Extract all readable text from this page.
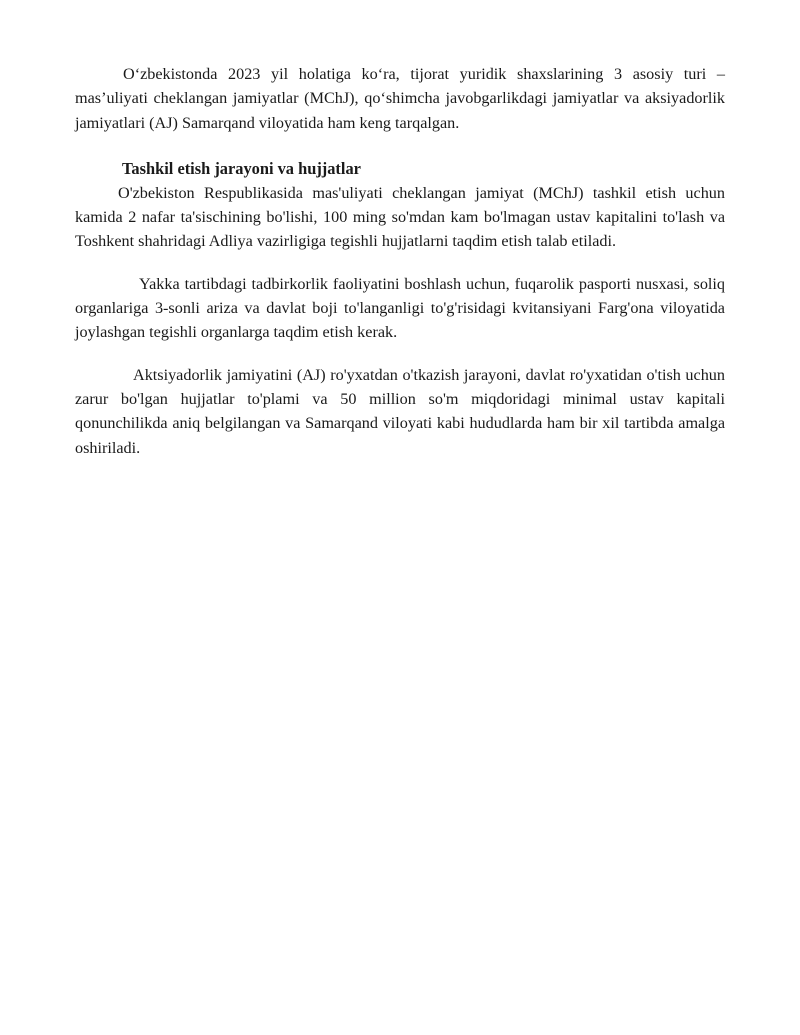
O‘zbekistonda 2023 yil holatiga ko‘ra, tijorat yuridik shaxslarining 3 asosiy turi – mas’uliyati cheklangan jamiyatlar (MChJ), qo‘shimcha javobgarlikdagi jamiyatlar va aksiyadorlik jamiyatlari (AJ) Samarqand viloyatida ham keng tarqalgan.

Tashkil etish jarayoni va hujjatlar

O'zbekiston Respublikasida mas'uliyati cheklangan jamiyat (MChJ) tashkil etish uchun kamida 2 nafar ta'sischining bo'lishi, 100 ming so'mdan kam bo'lmagan ustav kapitalini to'lash va Toshkent shahridagi Adliya vazirligiga tegishli hujjatlarni taqdim etish talab etiladi.

Yakka tartibdagi tadbirkorlik faoliyatini boshlash uchun, fuqarolik pasporti nusxasi, soliq organlariga 3-sonli ariza va davlat boji to'langanligi to'g'risidagi kvitansiyani Farg'ona viloyatida joylashgan tegishli organlarga taqdim etish kerak.

Aktsiyadorlik jamiyatini (AJ) ro'yxatdan o'tkazish jarayoni, davlat ro'yxatidan o'tish uchun zarur bo'lgan hujjatlar to'plami va 50 million so'm miqdoridagi minimal ustav kapitali qonunchilikda aniq belgilangan va Samarqand viloyati kabi hududlarda ham bir xil tartibda amalga oshiriladi.
